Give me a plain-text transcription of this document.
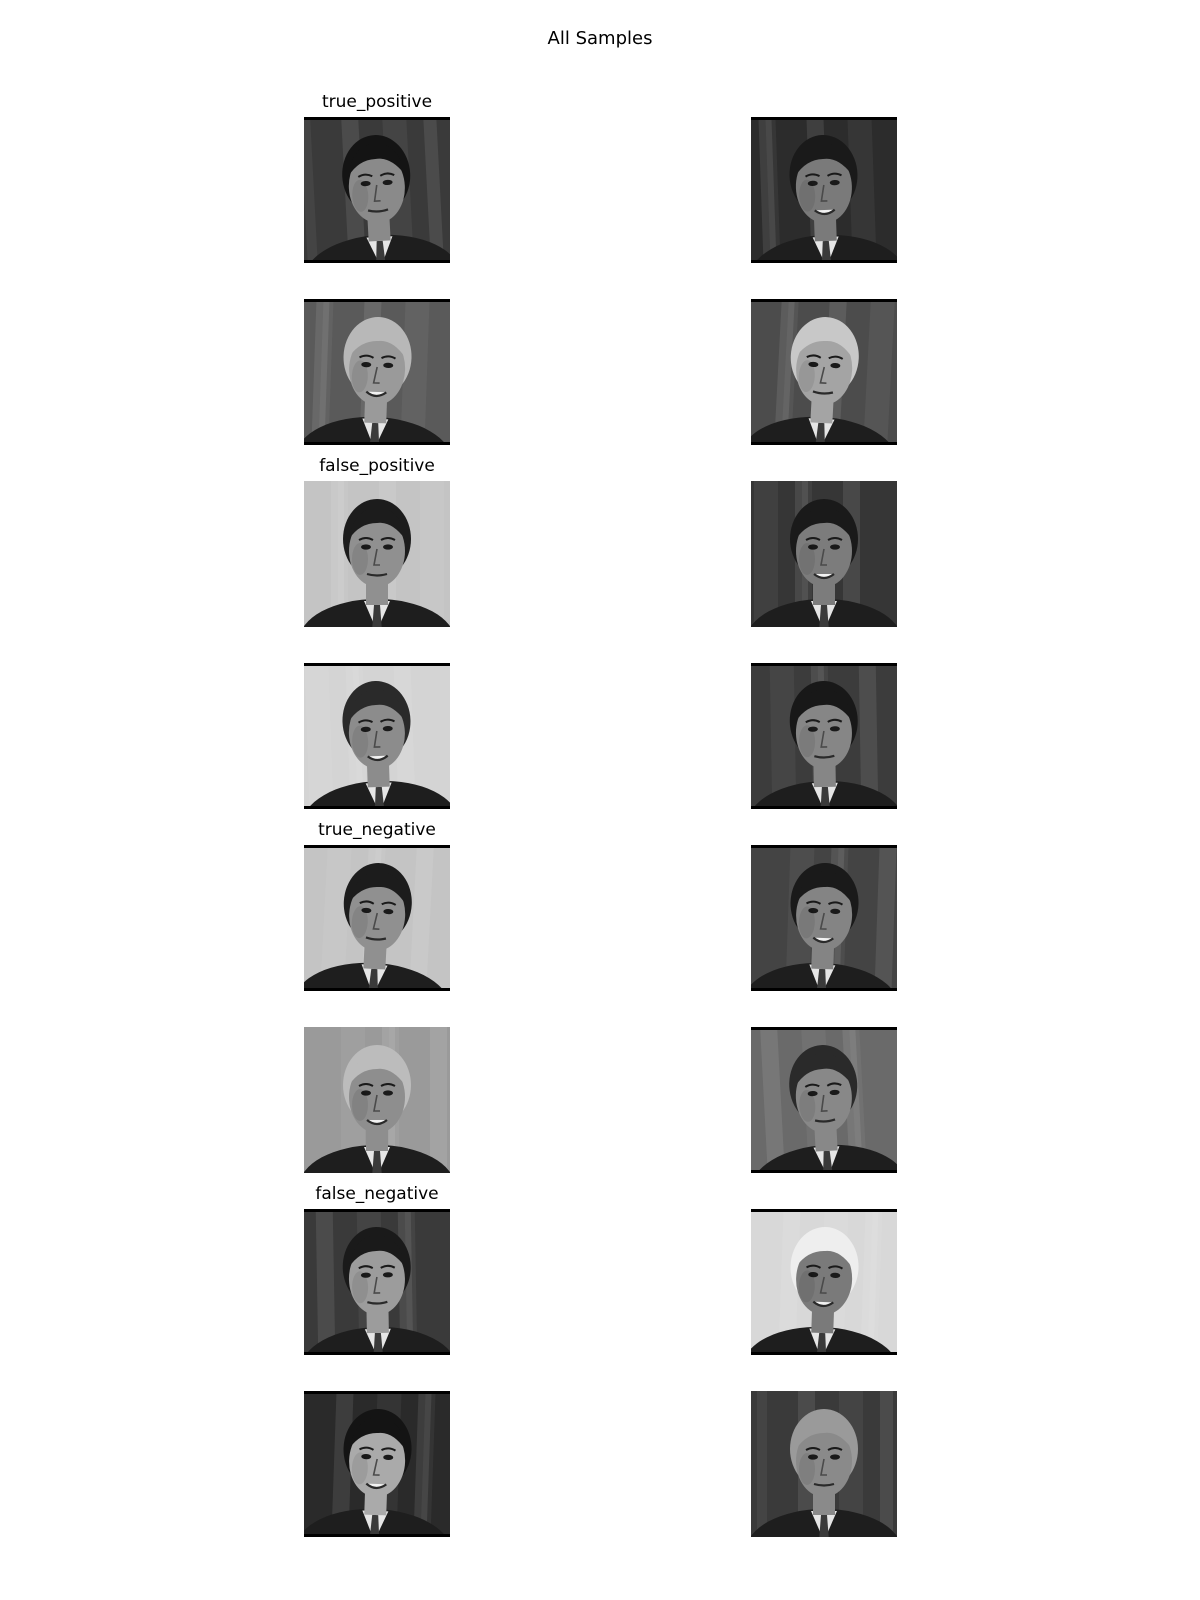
All Samples
true_positive
false_positive
true_negative
false_negative
